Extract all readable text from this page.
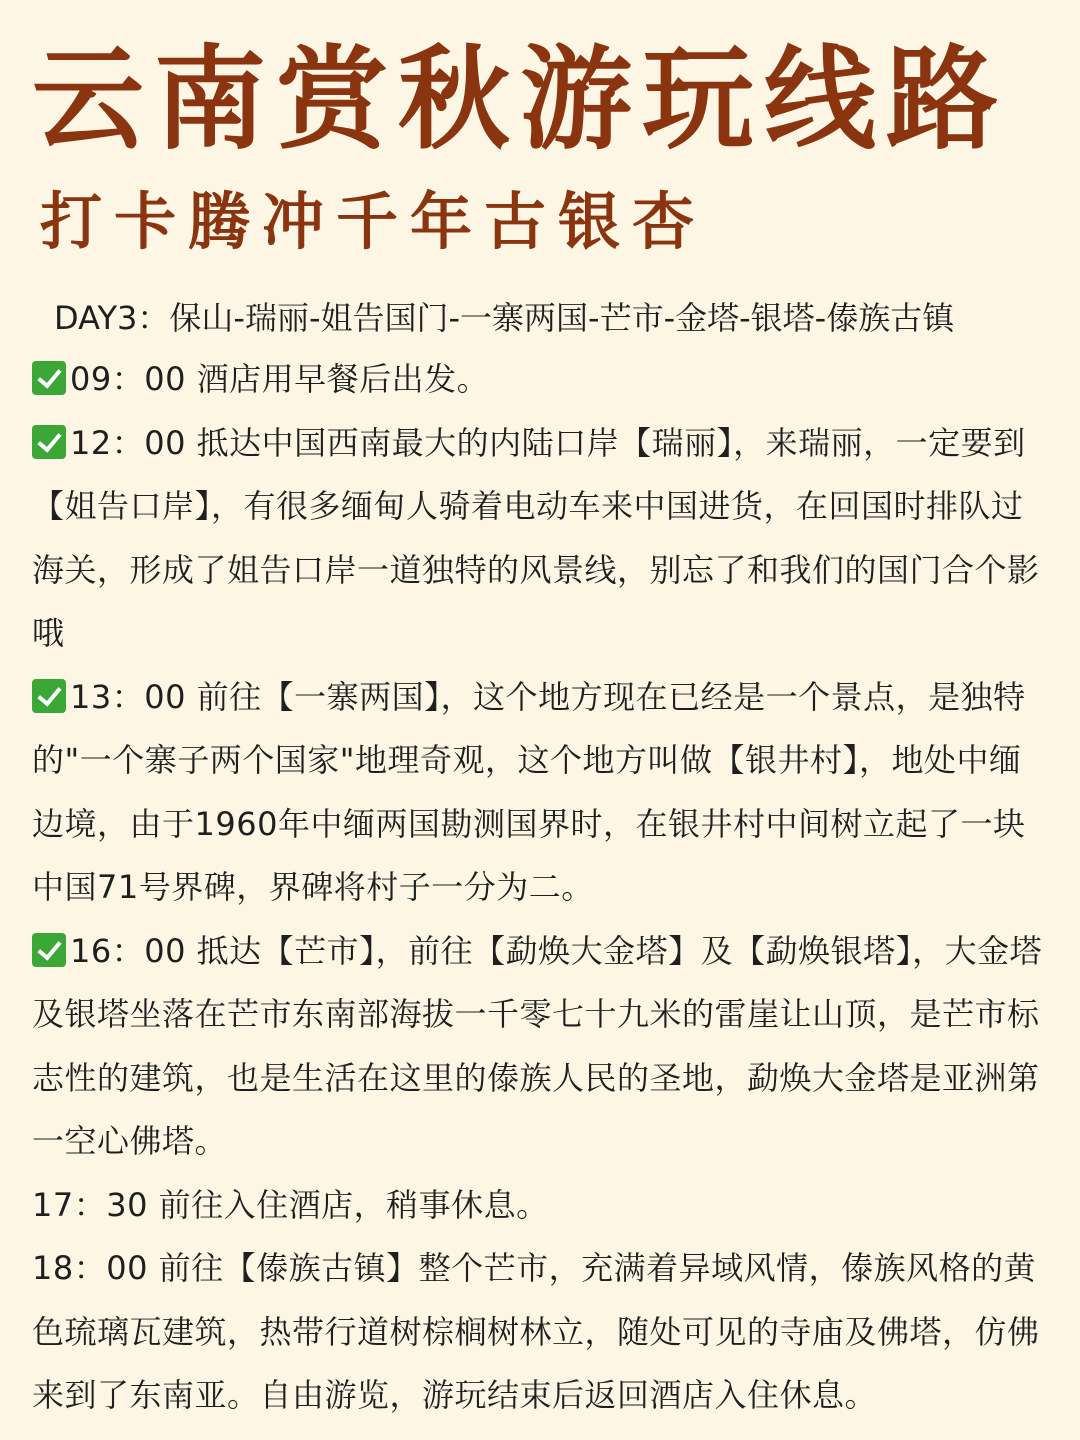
云南赏秋游玩线路
打卡腾冲千年古银杏
DAY3：保山-瑞丽-姐告国门-一寨两国-芒市-金塔-银塔-傣族古镇

09：00 酒店用早餐后出发。

12：00 抵达中国西南最大的内陆口岸【瑞丽】，来瑞丽，一定要到【姐告口岸】，有很多缅甸人骑着电动车来中国进货，在回国时排队过海关，形成了姐告口岸一道独特的风景线，别忘了和我们的国门合个影哦

13：00 前往【一寨两国】，这个地方现在已经是一个景点，是独特的"一个寨子两个国家"地理奇观，这个地方叫做【银井村】，地处中缅边境，由于1960年中缅两国勘测国界时，在银井村中间树立起了一块中国71号界碑，界碑将村子一分为二。

16：00 抵达【芒市】，前往【勐焕大金塔】及【勐焕银塔】，大金塔及银塔坐落在芒市东南部海拔一千零七十九米的雷崖让山顶，是芒市标志性的建筑，也是生活在这里的傣族人民的圣地，勐焕大金塔是亚洲第一空心佛塔。

17：30 前往入住酒店，稍事休息。

18：00 前往【傣族古镇】整个芒市，充满着异域风情，傣族风格的黄色琉璃瓦建筑，热带行道树棕榈树林立，随处可见的寺庙及佛塔，仿佛来到了东南亚。自由游览，游玩结束后返回酒店入住休息。
